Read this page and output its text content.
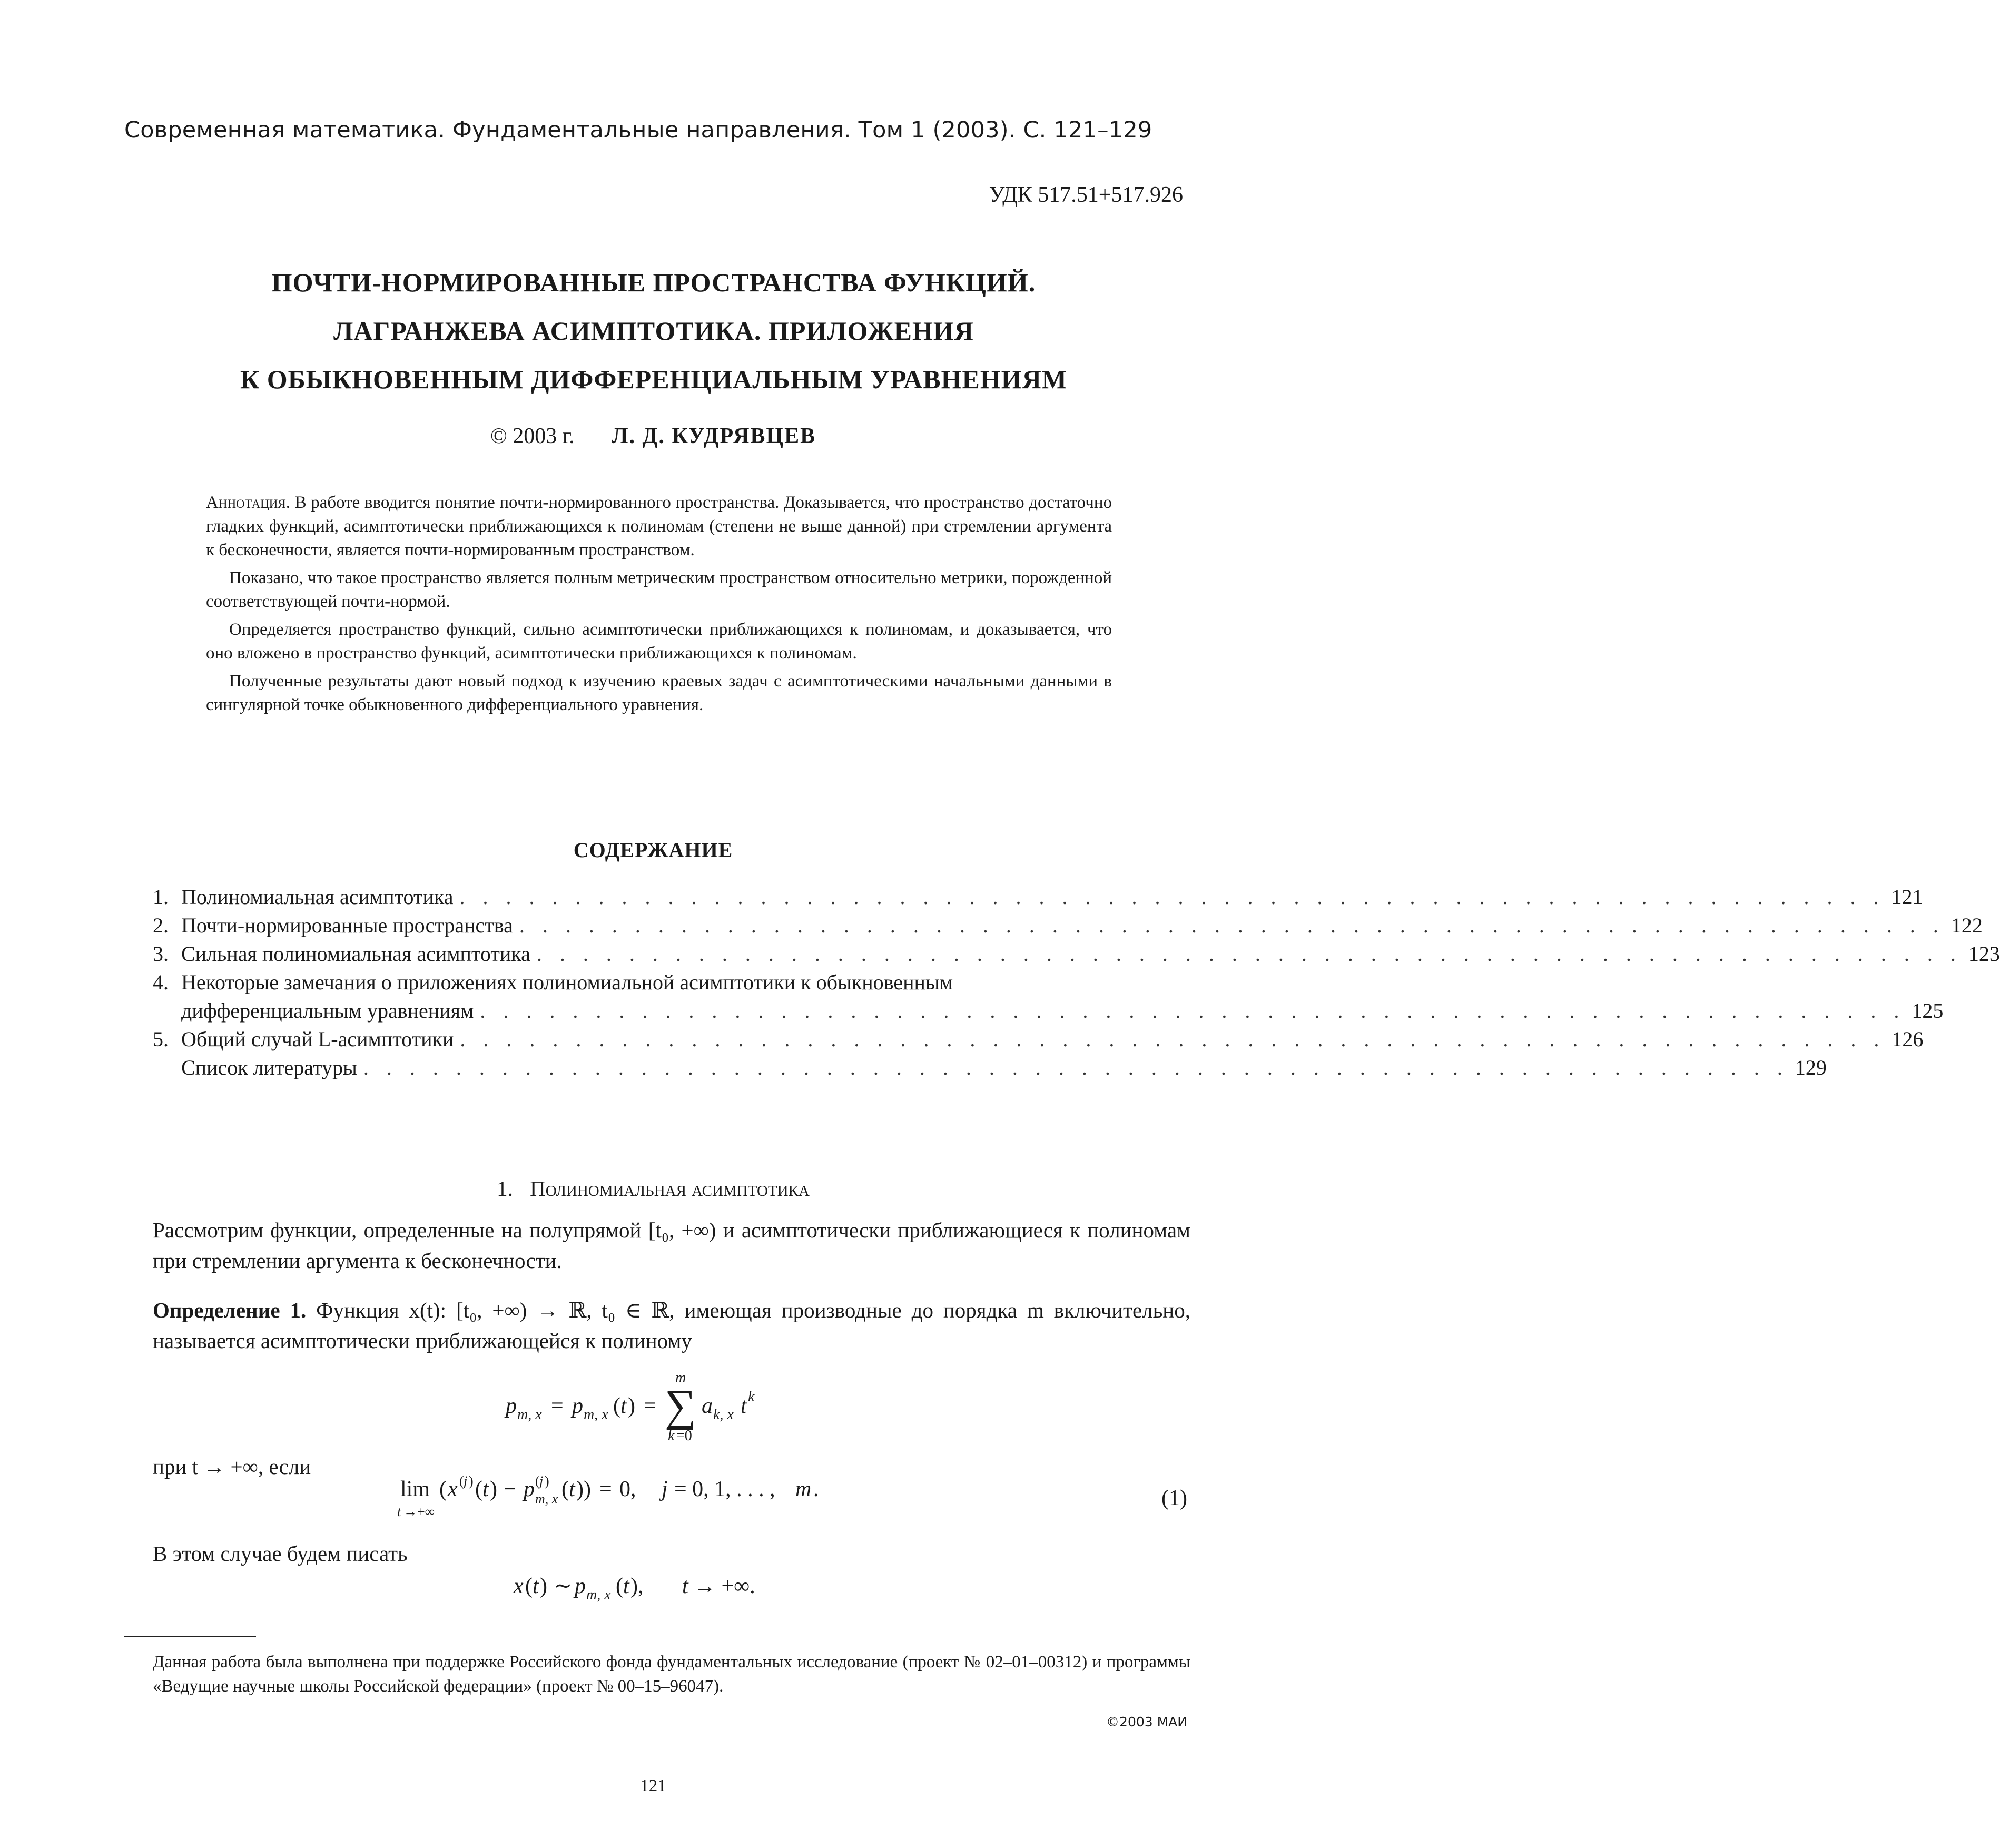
Современная математика. Фундаментальные направления. Том 1 (2003). С. 121–129
УДК 517.51+517.926
ПОЧТИ-НОРМИРОВАННЫЕ ПРОСТРАНСТВА ФУНКЦИЙ.
ЛАГРАНЖЕВА АСИМПТОТИКА. ПРИЛОЖЕНИЯ
К ОБЫКНОВЕННЫМ ДИФФЕРЕНЦИАЛЬНЫМ УРАВНЕНИЯМ
© 2003 г. Л. Д. КУДРЯВЦЕВ

Аннотация. В работе вводится понятие почти-нормированного пространства. Доказывается, что пространство достаточно гладких функций, асимптотически приближающихся к полиномам (степени не выше данной) при стремлении аргумента к бесконечности, является почти-нормированным пространством.

Показано, что такое пространство является полным метрическим пространством относительно метрики, порожденной соответствующей почти-нормой.

Определяется пространство функций, сильно асимптотически приближающихся к полиномам, и доказывается, что оно вложено в пространство функций, асимптотически приближающихся к полиномам.

Полученные результаты дают новый подход к изучению краевых задач с асимптотическими начальными данными в сингулярной точке обыкновенного дифференциального уравнения.

СОДЕРЖАНИЕ
1. Полиномиальная асимптотика . . . . . . . . . . . . . . . . . . . . . . . . . . . . . . . . . . . . . . . . . . . . . . . . . . . . . . . . . . . . . . 121
2. Почти-нормированные пространства . . . . . . . . . . . . . . . . . . . . . . . . . . . . . . . . . . . . . . . . . . . . . . . . . . . . . . . . . . . . . . 122
3. Сильная полиномиальная асимптотика . . . . . . . . . . . . . . . . . . . . . . . . . . . . . . . . . . . . . . . . . . . . . . . . . . . . . . . . . . . . . . 123
4. Некоторые замечания о приложениях полиномиальной асимптотики к обыкновенным
дифференциальным уравнениям . . . . . . . . . . . . . . . . . . . . . . . . . . . . . . . . . . . . . . . . . . . . . . . . . . . . . . . . . . . . . . 125
5. Общий случай L-асимптотики . . . . . . . . . . . . . . . . . . . . . . . . . . . . . . . . . . . . . . . . . . . . . . . . . . . . . . . . . . . . . . 126
Список литературы . . . . . . . . . . . . . . . . . . . . . . . . . . . . . . . . . . . . . . . . . . . . . . . . . . . . . . . . . . . . . . 129
1. Полиномиальная асимптотика
Рассмотрим функции, определенные на полупрямой [t₀, +∞) и асимптотически приближающиеся к полиномам при стремлении аргумента к бесконечности.
Определение 1. Функция x(t): [t₀, +∞) → ℝ, t₀ ∈ ℝ, имеющая производные до порядка m включительно, называется асимптотически приближающейся к полиному
p m, x = p m, x ( t ) = ∑
m
k =0
a k, x t k
при t → +∞, если
lim
t →+∞
( x ( j ) ( t ) − p ( j )
m, x ( t )) = 0, j = 0, 1, . . . , m .	(1)
В этом случае будем писать
x ( t ) ∼ p m, x ( t ), t → +∞.
Данная работа была выполнена при поддержке Российского фонда фундаментальных исследование (проект № 02–01–00312) и программы «Ведущие научные школы Российской федерации» (проект № 00–15–96047).
©2003 МАИ
121
